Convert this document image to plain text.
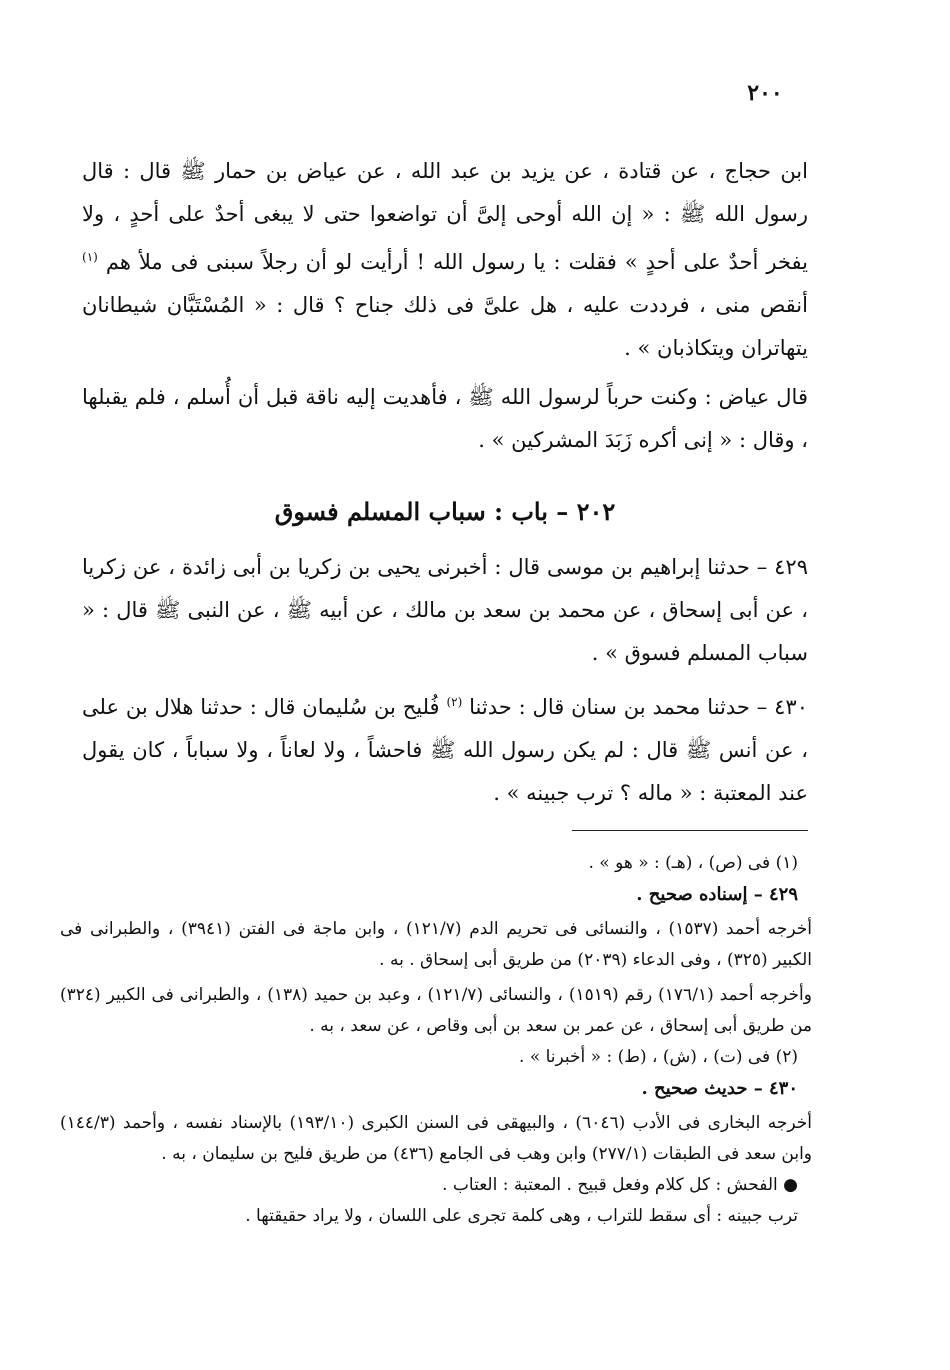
٢٠٠

ابن حجاج ، عن قتادة ، عن يزيد بن عبد الله ، عن عياض بن حمار ﷺ قال : قال رسول الله ﷺ : « إن الله أوحى إلىَّ أن تواضعوا حتى لا يبغى أحدٌ على أحدٍ ، ولا يفخر أحدٌ على أحدٍ » فقلت : يا رسول الله ! أرأيت لو أن رجلاً سبنى فى ملأ هم $^{(١)}$ أنقص منى ، فرددت عليه ، هل علىَّ فى ذلك جناح ؟ قال : « المُسْتَبَّان شيطانان يتهاتران ويتكاذبان » .

قال عياض : وكنت حرباً لرسول الله ﷺ ، فأهديت إليه ناقة قبل أن أُسلم ، فلم يقبلها ، وقال : « إنى أكره زَبَدَ المشركين » .

٢٠٢ – باب : سباب المسلم فسوق

٤٢٩ – حدثنا إبراهيم بن موسى قال : أخبرنى يحيى بن زكريا بن أبى زائدة ، عن زكريا ، عن أبى إسحاق ، عن محمد بن سعد بن مالك ، عن أبيه ﷺ ، عن النبى ﷺ قال : « سباب المسلم فسوق » .

٤٣٠ – حدثنا محمد بن سنان قال : حدثنا $^{(٢)}$ فُليح بن سُليمان قال : حدثنا هلال بن على ، عن أنس ﷺ قال : لم يكن رسول الله ﷺ فاحشاً ، ولا لعاناً ، ولا سباباً ، كان يقول عند المعتبة : « ماله ؟ ترب جبينه » .

(١) فى (ص) ، (هـ) : « هو » .

٤٢٩ – إسناده صحيح .

أخرجه أحمد (١٥٣٧) ، والنسائى فى تحريم الدم (١٢١/٧) ، وابن ماجة فى الفتن (٣٩٤١) ، والطبرانى فى الكبير (٣٢٥) ، وفى الدعاء (٢٠٣٩) من طريق أبى إسحاق . به .

وأخرجه أحمد (١٧٦/١) رقم (١٥١٩) ، والنسائى (١٢١/٧) ، وعبد بن حميد (١٣٨) ، والطبرانى فى الكبير (٣٢٤) من طريق أبى إسحاق ، عن عمر بن سعد بن أبى وقاص ، عن سعد ، به .

(٢) فى (ت) ، (ش) ، (ط) : « أخبرنا » .

٤٣٠ – حديث صحيح .

أخرجه البخارى فى الأدب (٦٠٤٦) ، والبيهقى فى السنن الكبرى (١٩٣/١٠) بالإسناد نفسه ، وأحمد (١٤٤/٣) وابن سعد فى الطبقات (٢٧٧/١) وابن وهب فى الجامع (٤٣٦) من طريق فليح بن سليمان ، به .

● الفحش : كل كلام وفعل قبيح . المعتبة : العتاب .

ترب جبينه : أى سقط للتراب ، وهى كلمة تجرى على اللسان ، ولا يراد حقيقتها .
